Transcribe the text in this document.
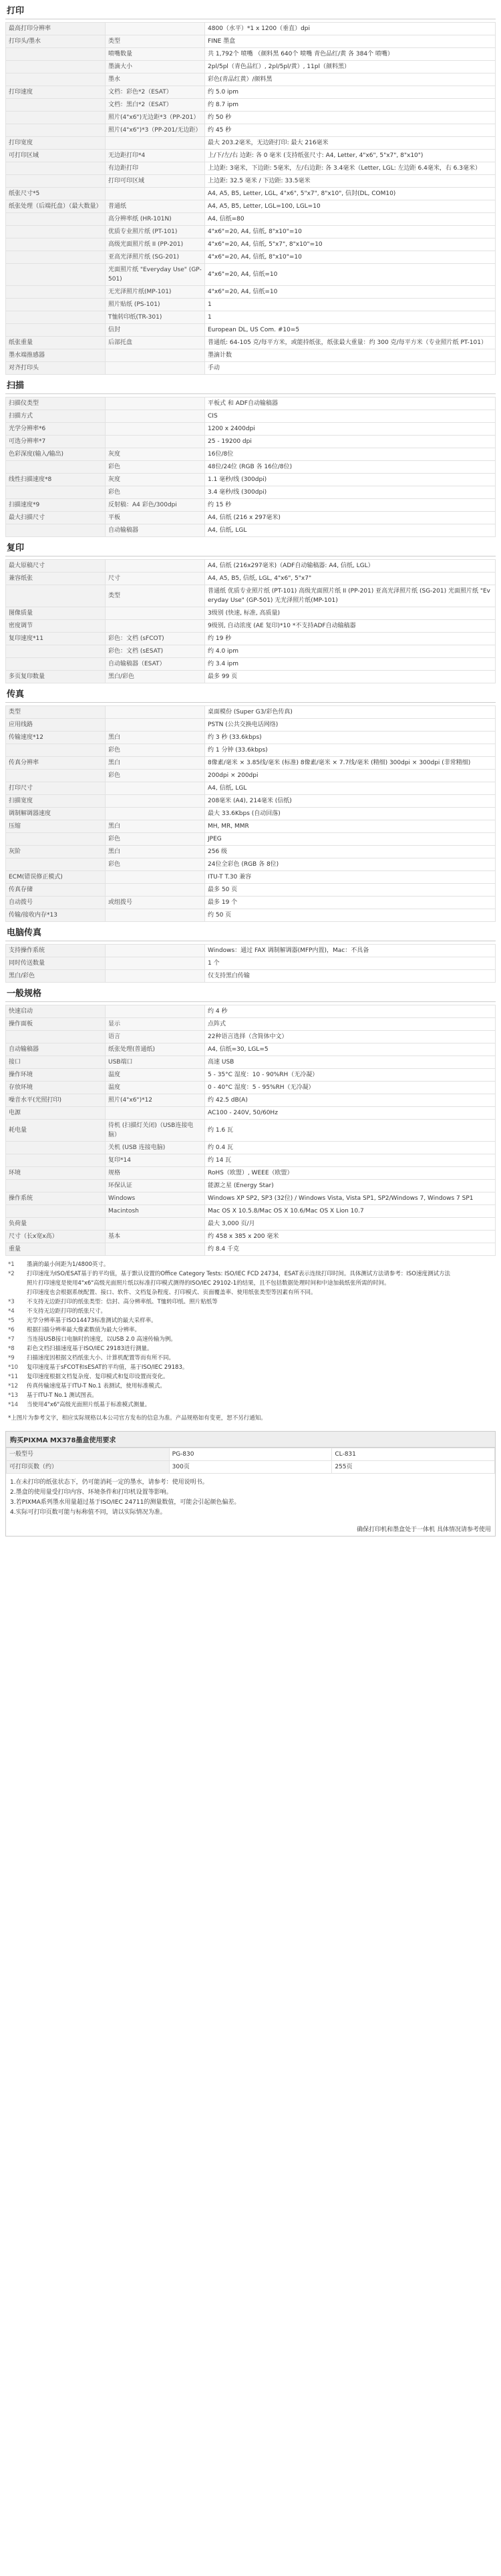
打印
最高打印分辨率		4800（水平）*1 x 1200（垂直）dpi
打印头/墨水	类型	FINE 墨盒
	喷嘴数量	共 1,792个 喷嘴 （颜料黑 640个 喷嘴 青色品红/黄 各 384个 喷嘴）
	墨滴大小	2pl/5pl（青色品红）, 2pl/5pl/黄）, 11pl（颜料黑）
	墨水	彩色(青品红黄）/颜料黑
打印速度	文档：彩色*2（ESAT）	约 5.0 ipm
	文档：黑白*2（ESAT）	约 8.7 ipm
	照片(4"x6")无边距*3（PP-201）	约 50 秒
	照片(4"x6")*3（PP-201/无边距）	约 45 秒
打印宽度		最大 203.2毫米，无边距打印: 最大 216毫米
可打印区域	无边距打印*4	上/下/左/右 边距: 各 0 毫米 (支持纸张尺寸: A4, Letter, 4"x6", 5"x7", 8"x10")
	有边距打印	上边距: 3毫米，下边距: 5毫米，左/右边距: 各 3.4毫米（Letter, LGL: 左边距 6.4毫米，右 6.3毫米）
	打印可印区域	上边距: 32.5 毫米 / 下边距: 33.5毫米
纸张尺寸*5		A4, A5, B5, Letter, LGL, 4"x6", 5"x7", 8"x10", 信封(DL, COM10)
纸张处理（后端托盘）（最大数量）	普通纸	A4, A5, B5, Letter, LGL=100, LGL=10
	高分辨率纸 (HR-101N)	A4, 信纸=80
	优质专业照片纸 (PT-101)	4"x6"=20, A4, 信纸, 8"x10"=10
	高级光面照片纸 II (PP-201)	4"x6"=20, A4, 信纸, 5"x7", 8"x10"=10
	亚高光泽照片纸 (SG-201)	4"x6"=20, A4, 信纸, 8"x10"=10
	光面照片纸 "Everyday Use" (GP-501)	4"x6"=20, A4, 信纸=10
	无光泽照片纸(MP-101)	4"x6"=20, A4, 信纸=10
	照片贴纸 (PS-101)	1
	T恤转印纸(TR-301)	1
	信封	European DL, US Com. #10=5
纸张重量	后部托盘	普通纸: 64-105 克/每平方米，或能持纸张，纸张最大重量：约 300 克/每平方米（专业照片纸 PT-101）
墨水端推感器		墨滴计数
对齐打印头		手动
扫描
扫描仪类型		平板式 和 ADF自动输稿器
扫描方式		CIS
光学分辨率*6		1200 x 2400dpi
可选分辨率*7		25 - 19200 dpi
色彩深度(输入/输出)	灰度	16位/8位
	彩色	48位/24位 (RGB 各 16位/8位)
线性扫描速度*8	灰度	1.1 毫秒/线 (300dpi)
	彩色	3.4 毫秒/线 (300dpi)
扫描速度*9	反射稿：A4 彩色/300dpi	约 15 秒
最大扫描尺寸	平板	A4, 信纸 (216 x 297毫米)
	自动输稿器	A4, 信纸, LGL
复印
最大原稿尺寸		A4, 信纸 (216x297毫米)（ADF自动输稿器: A4, 信纸, LGL）
兼容纸张	尺寸	A4, A5, B5, 信纸, LGL, 4"x6", 5"x7"
	类型	普通纸 优质专业照片纸 (PT-101) 高级光面照片纸 II (PP-201) 亚高光泽照片纸 (SG-201) 光面照片纸 "Everyday Use" (GP-501) 无光泽照片纸(MP-101)
图像质量		3级别 (快速, 标准, 高质量)
密度调节		9级别, 自动浓度 (AE 复印)*10 *不支持ADF自动输稿器
复印速度*11	彩色：文档 (sFCOT)	约 19 秒
	彩色：文档 (sESAT)	约 4.0 ipm
	自动输稿器（ESAT）	约 3.4 ipm
多页复印数量	黑白/彩色	最多 99 页
传真
类型		桌面模份 (Super G3/彩色传真)
应用线路		PSTN (公共交换电话网络)
传输速度*12	黑白	约 3 秒 (33.6kbps)
	彩色	约 1 分钟 (33.6kbps)
传真分辨率	黑白	8像素/毫米 × 3.85线/毫米 (标准) 8像素/毫米 × 7.7线/毫米 (精细) 300dpi × 300dpi (非常精细)
	彩色	200dpi × 200dpi
打印尺寸		A4, 信纸, LGL
扫描宽度		208毫米 (A4), 214毫米 (信纸)
调制解调器速度		最大 33.6Kbps (自动回落)
压缩	黑白	MH, MR, MMR
	彩色	JPEG
灰阶	黑白	256 级
	彩色	24位全彩色 (RGB 各 8位)
ECM(错误修正模式)		ITU-T T.30 兼容
传真存储		最多 50 页
自动拨号	或组拨号	最多 19 个
传输/接收内存*13		约 50 页
电脑传真
支持操作系统		Windows：通过 FAX 调制解调器(MFP内置)，Mac：不具备
同时传送数量		1 个
黑白/彩色		仅支持黑白传输
一般规格
快速启动		约 4 秒
操作面板	显示	点阵式
	语言	22种语言选择（含简体中文）
自动输稿器	纸张处理(普通纸)	A4, 信纸=30, LGL=5
接口	USB端口	高速 USB
操作环境	温度	5 - 35°C 湿度：10 - 90%RH（无冷凝）
存放环境	温度	0 - 40°C 湿度：5 - 95%RH（无冷凝）
噪音水平(光照打印)	照片(4"x6")*12	约 42.5 dB(A)
电源		AC100 - 240V, 50/60Hz
耗电量	待机 (扫描灯关闭)（USB连接电脑）	约 1.6 瓦
	关机 (USB 连接电脑)	约 0.4 瓦
	复印*14	约 14 瓦
环境	规格	RoHS（欧盟）, WEEE（欧盟）
	环保认证	能源之星 (Energy Star)
操作系统	Windows	Windows XP SP2, SP3 (32位) / Windows Vista, Vista SP1, SP2/Windows 7, Windows 7 SP1
	Macintosh	Mac OS X 10.5.8/Mac OS X 10.6/Mac OS X Lion 10.7
负荷量		最大 3,000 页/月
尺寸（长x宽x高）	基本	约 458 x 385 x 200 毫米
重量		约 8.4 千克
*1	墨滴的最小间距为1/4800英寸。
*2	打印速度为ISO/ESAT基于的平均值，基于默认设置的Office Category Tests: ISO/IEC FCD 24734，ESAT表示连续打印时间。具体测试方法请参考：ISO速度测试方法
照片打印速度是使用4"x6"高级光面照片纸以标准打印模式测得的ISO/IEC 29102-1的结果，且不包括数据处理时间和中途加载纸张所需的时间。
打印速度也会根据系统配置、接口、软件、文档复杂程度、打印模式、页面覆盖率、使用纸张类型等因素有所不同。
*3	不支持无边距打印的纸张类型：信封、高分辨率纸、T恤转印纸、照片贴纸等
*4	不支持无边距打印的纸张尺寸。
*5	光学分辨率基于ISO14473标准测试的最大采样率。
*6	根据扫描分辨率最大像素数值为最大分辨率。
*7	当连接USB接口电脑时的速度，以USB 2.0 高速传输为例。
*8	彩色文档扫描速度基于ISO/IEC 29183进行测量。
*9	扫描速度因根据文档纸张大小、计算机配置等而有所不同。
*10	复印速度基于sFCOT和sESAT的平均值，基于ISO/IEC 29183。
*11	复印速度根据文档复杂度、复印模式和复印设置而变化。
*12	传真传输速度基于ITU-T No.1 表测试，使用标准模式。
*13	基于ITU-T No.1 测试图表。
*14	当使用4"x6"高级光面照片纸基于标准模式测量。
*上图片为参考文字，相应实际规格以本公司官方发布的信息为准。产品规格如有变更，恕不另行通知。
购买PIXMA MX378墨盒使用要求
一般型号	PG-830	CL-831
可打印页数（约）	300页	255页
1.在未打印的纸张状态下，仍可能消耗一定的墨水，请参考：使用说明书。
2.墨盒的使用量受打印内容、环境条件和打印机设置等影响。
3.若PIXMA系列墨水用量超过基于ISO/IEC 24711的测量数值，可能会引起颜色偏差。
4.实际可打印页数可能与标称值不同，请以实际情况为准。
确保打印机和墨盒处于一体机 具体情况请参考使用
